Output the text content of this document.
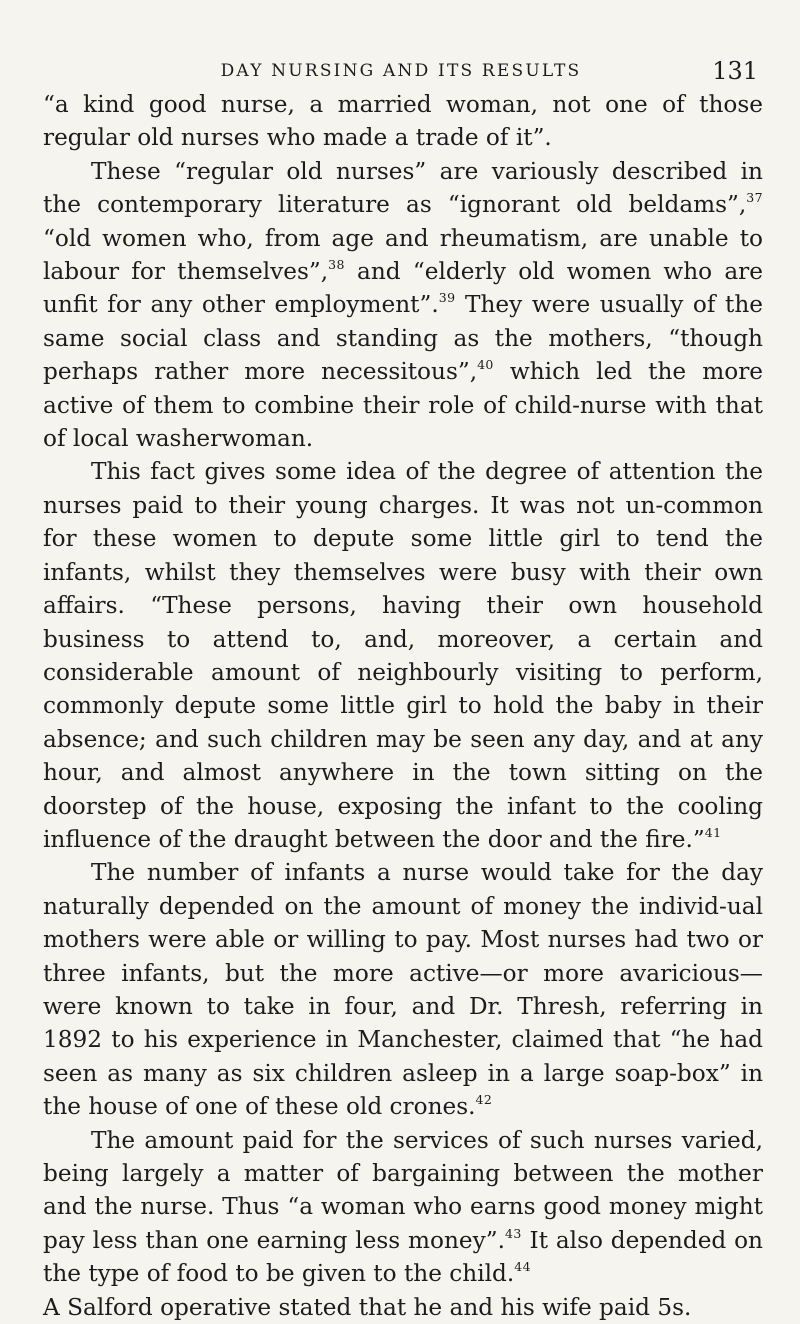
DAY NURSING AND ITS RESULTS	131

“a kind good nurse, a married woman, not one of those regular old nurses who made a trade of it”.

These “regular old nurses” are variously described in the contemporary literature as “ignorant old beldams”,$^{37}$ “old women who, from age and rheumatism, are unable to labour for themselves”,$^{38}$ and “elderly old women who are unfit for any other employment”.$^{39}$ They were usually of the same social class and standing as the mothers, “though perhaps rather more necessitous”,$^{40}$ which led the more active of them to combine their role of child-nurse with that of local washerwoman.

This fact gives some idea of the degree of attention the nurses paid to their young charges. It was not un-common for these women to depute some little girl to tend the infants, whilst they themselves were busy with their own affairs. “These persons, having their own household business to attend to, and, moreover, a certain and considerable amount of neighbourly visiting to perform, commonly depute some little girl to hold the baby in their absence; and such children may be seen any day, and at any hour, and almost anywhere in the town sitting on the doorstep of the house, exposing the infant to the cooling influence of the draught between the door and the fire.”$^{41}$

The number of infants a nurse would take for the day naturally depended on the amount of money the individ-ual mothers were able or willing to pay. Most nurses had two or three infants, but the more active—or more avaricious—were known to take in four, and Dr. Thresh, referring in 1892 to his experience in Manchester, claimed that “he had seen as many as six children asleep in a large soap-box” in the house of one of these old crones.$^{42}$

The amount paid for the services of such nurses varied, being largely a matter of bargaining between the mother and the nurse. Thus “a woman who earns good money might pay less than one earning less money”.$^{43}$ It also depended on the type of food to be given to the child.$^{44}$
A Salford operative stated that he and his wife paid 5s.
